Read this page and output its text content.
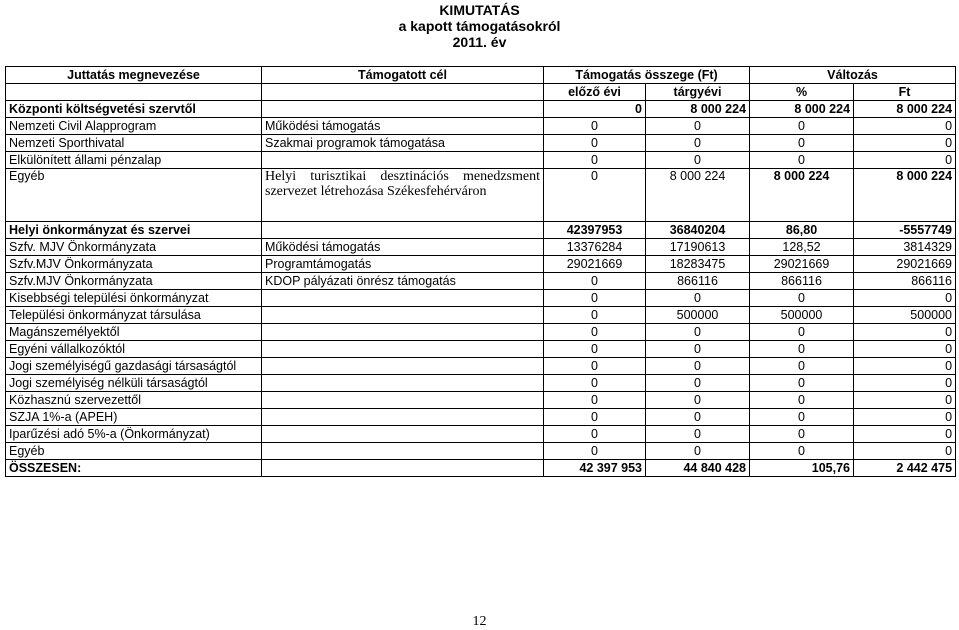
KIMUTATÁS
a kapott támogatásokról
2011. év
Juttatás megnevezése	Támogatott cél	Támogatás összege (Ft)		Változás	
		előző évi	tárgyévi	%	Ft
Központi költségvetési szervtől		0	8 000 224	8 000 224	8 000 224
Nemzeti Civil Alapprogram	Működési támogatás	0	0	0	0
Nemzeti Sporthivatal	Szakmai programok támogatása	0	0	0	0
Elkülönített állami pénzalap		0	0	0	0
Egyéb	Helyi turisztikai desztinációs menedzsment szervezet létrehozása Székesfehérváron	0	8 000 224	8 000 224	8 000 224
Helyi önkormányzat és szervei		42397953	36840204	86,80	-5557749
Szfv. MJV Önkormányzata	Működési támogatás	13376284	17190613	128,52	3814329
Szfv.MJV Önkormányzata	Programtámogatás	29021669	18283475	29021669	29021669
Szfv.MJV Önkormányzata	KDOP pályázati önrész támogatás	0	866116	866116	866116
Kisebbségi települési önkormányzat		0	0	0	0
Települési önkormányzat társulása		0	500000	500000	500000
Magánszemélyektől		0	0	0	0
Egyéni vállalkozóktól		0	0	0	0
Jogi személyiségű gazdasági társaságtól		0	0	0	0
Jogi személyiség nélküli társaságtól		0	0	0	0
Közhasznú szervezettől		0	0	0	0
SZJA 1%-a (APEH)		0	0	0	0
Iparűzési adó 5%-a (Önkormányzat)		0	0	0	0
Egyéb		0	0	0	0
ÖSSZESEN:		42 397 953	44 840 428	105,76	2 442 475
12
